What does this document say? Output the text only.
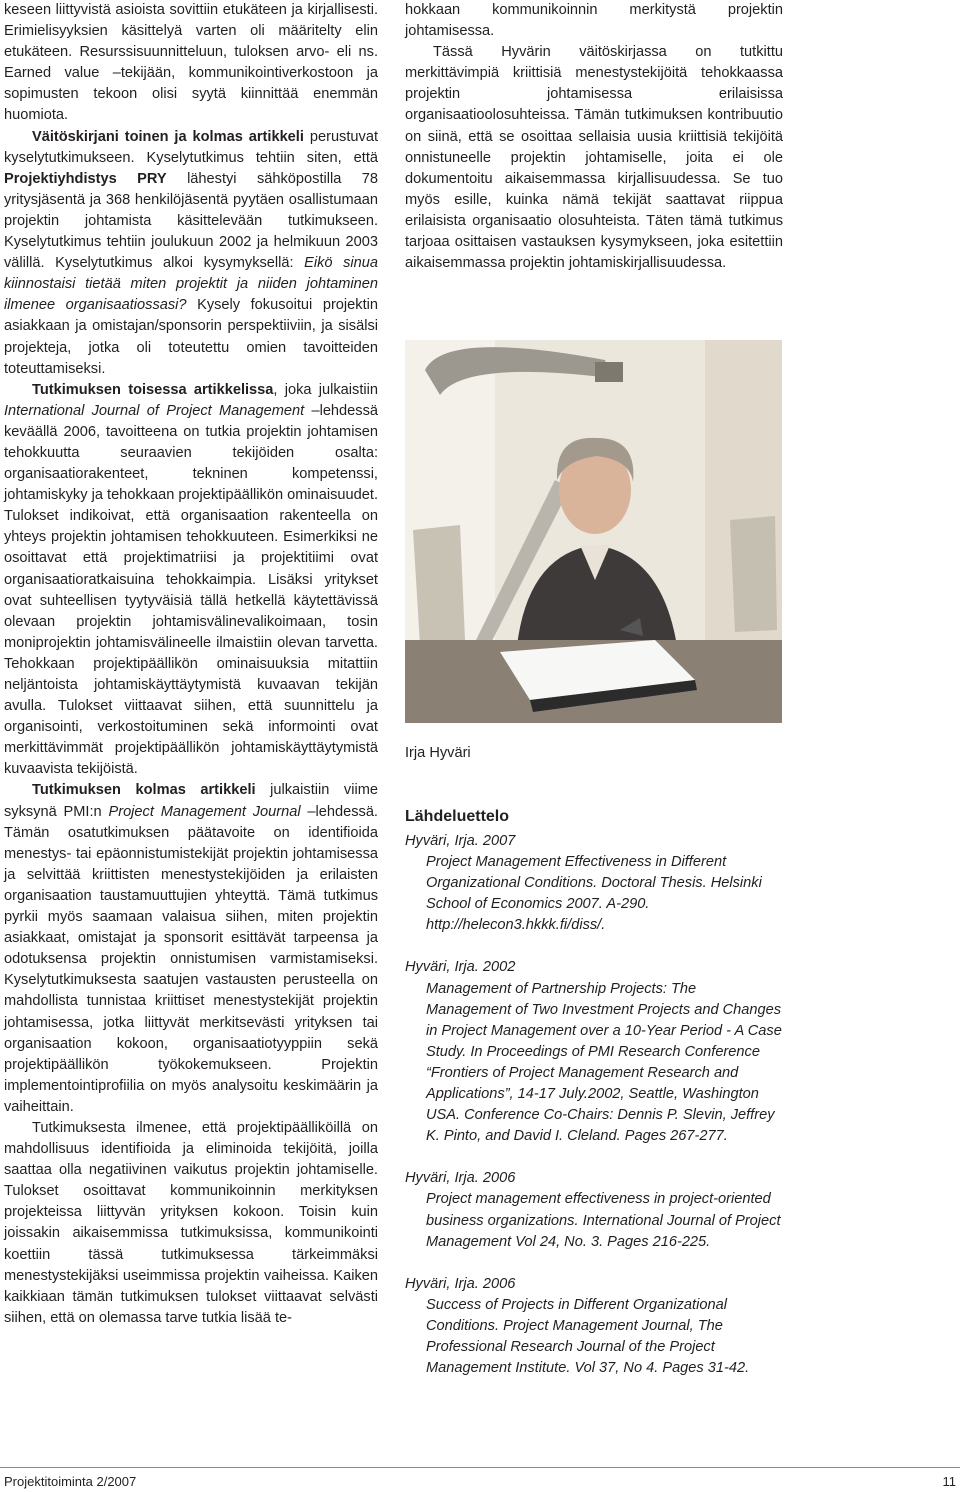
keseen liittyvistä asioista sovittiin etukäteen ja kirjallisesti. Erimielisyyksien käsittelyä varten oli määritelty elin etukäteen. Resurssisuunnitteluun, tuloksen arvo- eli ns. Earned value –tekijään, kommunikointiverkostoon ja sopimusten tekoon olisi syytä kiinnittää enemmän huomiota.

Väitöskirjani toinen ja kolmas artikkeli perustuvat kyselytutkimukseen. Kyselytutkimus tehtiin siten, että Projektiyhdistys PRY lähestyi sähköpostilla 78 yritysjäsentä ja 368 henkilöjäsentä pyytäen osallistumaan projektin johtamista käsittelevään tutkimukseen. Kyselytutkimus tehtiin joulukuun 2002 ja helmikuun 2003 välillä. Kyselytutkimus alkoi kysymyksellä: Eikö sinua kiinnostaisi tietää miten projektit ja niiden johtaminen ilmenee organisaatiossasi? Kysely fokusoitui projektin asiakkaan ja omistajan/sponsorin perspektiiviin, ja sisälsi projekteja, jotka oli toteutettu omien tavoitteiden toteuttamiseksi.

Tutkimuksen toisessa artikkelissa, joka julkaistiin International Journal of Project Management –lehdessä keväällä 2006, tavoitteena on tutkia projektin johtamisen tehokkuutta seuraavien tekijöiden osalta: organisaatiorakenteet, tekninen kompetenssi, johtamiskyky ja tehokkaan projektipäällikön ominaisuudet. Tulokset indikoivat, että organisaation rakenteella on yhteys projektin johtamisen tehokkuuteen. Esimerkiksi ne osoittavat että projektimatriisi ja projektitiimi ovat organisaatioratkaisuina tehokkaimpia. Lisäksi yritykset ovat suhteellisen tyytyväisiä tällä hetkellä käytettävissä olevaan projektin johtamisvälinevalikoimaan, tosin moniprojektin johtamisvälineelle ilmaistiin olevan tarvetta. Tehokkaan projektipäällikön ominaisuuksia mitattiin neljäntoista johtamiskäyttäytymistä kuvaavan tekijän avulla. Tulokset viittaavat siihen, että suunnittelu ja organisointi, verkostoituminen sekä informointi ovat merkittävimmät projektipäällikön johtamiskäyttäytymistä kuvaavista tekijöistä.

Tutkimuksen kolmas artikkeli julkaistiin viime syksynä PMI:n Project Management Journal –lehdessä. Tämän osatutkimuksen päätavoite on identifioida menestys- tai epäonnistumistekijät projektin johtamisessa ja selvittää kriittisten menestystekijöiden ja erilaisten organisaation taustamuuttujien yhteyttä. Tämä tutkimus pyrkii myös saamaan valaisua siihen, miten projektin asiakkaat, omistajat ja sponsorit esittävät tarpeensa ja odotuksensa projektin onnistumisen varmistamiseksi. Kyselytutkimuksesta saatujen vastausten perusteella on mahdollista tunnistaa kriittiset menestystekijät projektin johtamisessa, jotka liittyvät merkitsevästi yrityksen tai organisaation kokoon, organisaatiotyyppiin sekä projektipäällikön työkokemukseen. Projektin implementointiprofiilia on myös analysoitu keskimäärin ja vaiheittain.

Tutkimuksesta ilmenee, että projektipäälliköillä on mahdollisuus identifioida ja eliminoida tekijöitä, joilla saattaa olla negatiivinen vaikutus projektin johtamiselle. Tulokset osoittavat kommunikoinnin merkityksen projekteissa liittyvän yrityksen kokoon. Toisin kuin joissakin aikaisemmissa tutkimuksissa, kommunikointi koettiin tässä tutkimuksessa tärkeimmäksi menestystekijäksi useimmissa projektin vaiheissa. Kaiken kaikkiaan tämän tutkimuksen tulokset viittaavat selvästi siihen, että on olemassa tarve tutkia lisää te-

hokkaan kommunikoinnin merkitystä projektin johtamisessa.

Tässä Hyvärin väitöskirjassa on tutkittu merkittävimpiä kriittisiä menestystekijöitä tehokkaassa projektin johtamisessa erilaisissa organisaatioolosuhteissa. Tämän tutkimuksen kontribuutio on siinä, että se osoittaa sellaisia uusia kriittisiä tekijöitä onnistuneelle projektin johtamiselle, joita ei ole dokumentoitu aikaisemmassa kirjallisuudessa. Se tuo myös esille, kuinka nämä tekijät saattavat riippua erilaisista organisaatio olosuhteista. Täten tämä tutkimus tarjoaa osittaisen vastauksen kysymykseen, joka esitettiin aikaisemmassa projektin johtamiskirjallisuudessa.

Irja Hyväri
Lähdeluettelo
Hyväri, Irja. 2007
Project Management Effectiveness in Different Organizational Conditions. Doctoral Thesis. Helsinki School of Economics 2007. A-290. http://helecon3.hkkk.fi/diss/.
Hyväri, Irja. 2002
Management of Partnership Projects: The Management of Two Investment Projects and Changes in Project Management over a 10-Year Period - A Case Study. In Proceedings of PMI Research Conference “Frontiers of Project Management Research and Applications”, 14-17 July.2002, Seattle, Washington USA. Conference Co-Chairs: Dennis P. Slevin, Jeffrey K. Pinto, and David I. Cleland. Pages 267-277.
Hyväri, Irja. 2006
Project management effectiveness in project-oriented business organizations. International Journal of Project Management Vol 24, No. 3. Pages 216-225.
Hyväri, Irja. 2006
Success of Projects in Different Organizational Conditions. Project Management Journal, The Professional Research Journal of the Project Management Institute. Vol 37, No 4. Pages 31-42.
Projektitoiminta 2/2007	11
